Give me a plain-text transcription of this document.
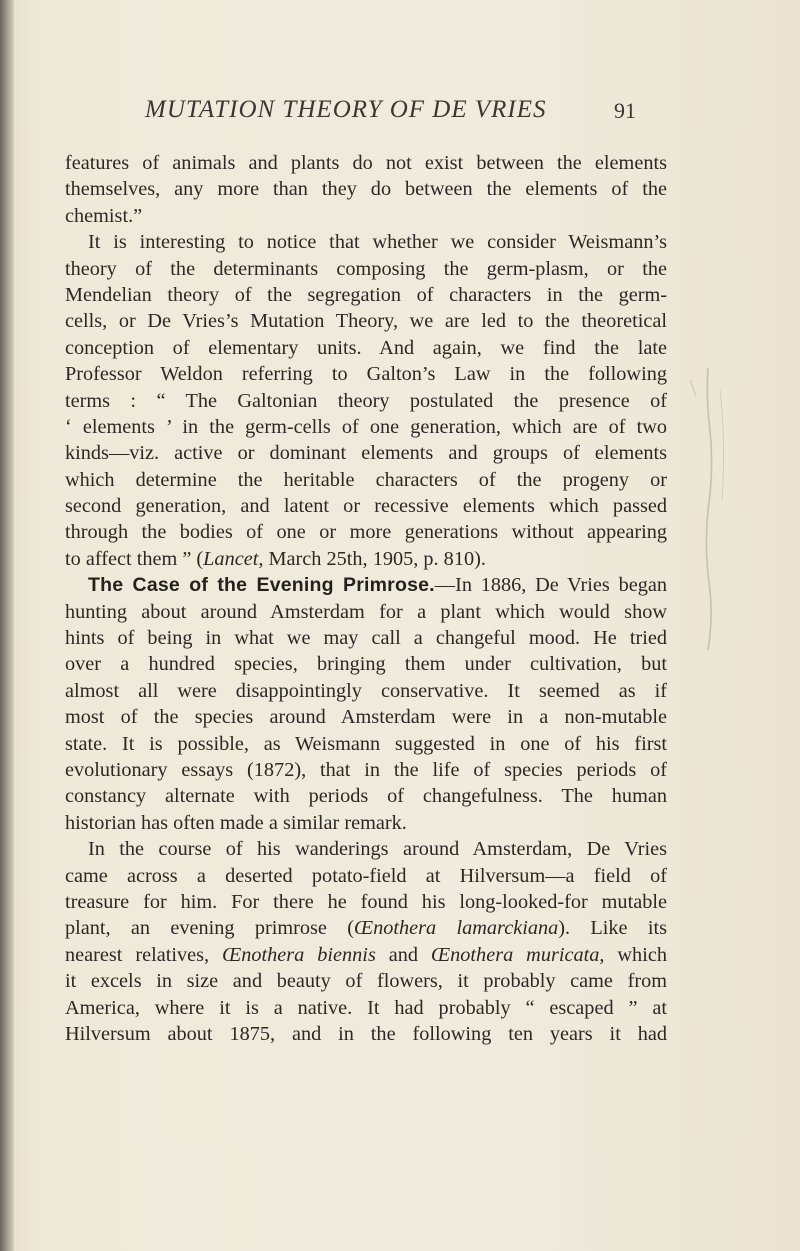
MUTATION THEORY OF DE VRIES	91
features of animals and plants do not exist between the elements
themselves, any more than they do between the elements of the
chemist.”
It is interesting to notice that whether we consider Weismann’s
theory of the determinants composing the germ-plasm, or the
Mendelian theory of the segregation of characters in the germ-
cells, or De Vries’s Mutation Theory, we are led to the theoretical
conception of elementary units. And again, we find the late
Professor Weldon referring to Galton’s Law in the following
terms : “ The Galtonian theory postulated the presence of
‘ elements ’ in the germ-cells of one generation, which are of two
kinds—viz. active or dominant elements and groups of elements
which determine the heritable characters of the progeny or
second generation, and latent or recessive elements which passed
through the bodies of one or more generations without appearing
to affect them ” (Lancet, March 25th, 1905, p. 810).
The Case of the Evening Primrose.—In 1886, De Vries began
hunting about around Amsterdam for a plant which would show
hints of being in what we may call a changeful mood. He tried
over a hundred species, bringing them under cultivation, but
almost all were disappointingly conservative. It seemed as if
most of the species around Amsterdam were in a non-mutable
state. It is possible, as Weismann suggested in one of his first
evolutionary essays (1872), that in the life of species periods of
constancy alternate with periods of changefulness. The human
historian has often made a similar remark.
In the course of his wanderings around Amsterdam, De Vries
came across a deserted potato-field at Hilversum—a field of
treasure for him. For there he found his long-looked-for mutable
plant, an evening primrose (Œnothera lamarckiana). Like its
nearest relatives, Œnothera biennis and Œnothera muricata, which
it excels in size and beauty of flowers, it probably came from
America, where it is a native. It had probably “ escaped ” at
Hilversum about 1875, and in the following ten years it had
